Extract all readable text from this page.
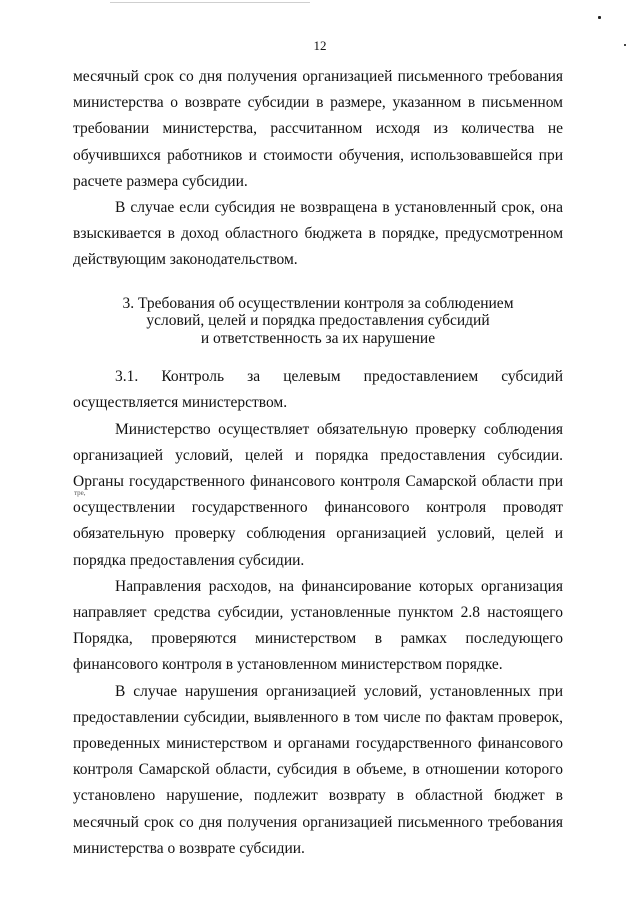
тре,
12

месячный срок со дня получения организацией письменного требования министерства о возврате субсидии в размере, указанном в письменном требовании министерства, рассчитанном исходя из количества не обучившихся работников и стоимости обучения, использовавшейся при расчете размера субсидии.

В случае если субсидия не возвращена в установленный срок, она взыскивается в доход областного бюджета в порядке, предусмотренном действующим законодательством.

3. Требования об осуществлении контроля за соблюдением
условий, целей и порядка предоставления субсидий
и ответственность за их нарушение

3.1. Контроль за целевым предоставлением субсидий осуществляется министерством.

Министерство осуществляет обязательную проверку соблюдения организацией условий, целей и порядка предоставления субсидии. Органы государственного финансового контроля Самарской области при осуществлении государственного финансового контроля проводят обязательную проверку соблюдения организацией условий, целей и порядка предоставления субсидии.

Направления расходов, на финансирование которых организация направляет средства субсидии, установленные пунктом 2.8 настоящего Порядка, проверяются министерством в рамках последующего финансового контроля в установленном министерством порядке.

В случае нарушения организацией условий, установленных при предоставлении субсидии, выявленного в том числе по фактам проверок, проведенных министерством и органами государственного финансового контроля Самарской области, субсидия в объеме, в отношении которого установлено нарушение, подлежит возврату в областной бюджет в месячный срок со дня получения организацией письменного требования министерства о возврате субсидии.
